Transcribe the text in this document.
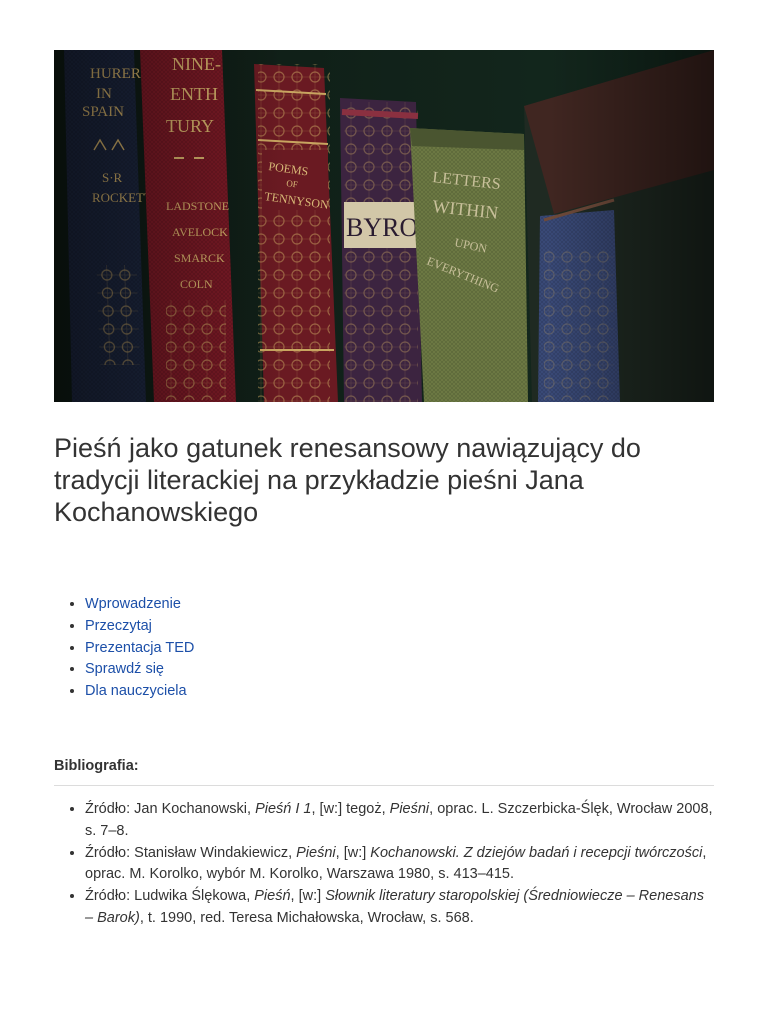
Pieśń jako gatunek renesansowy nawiązujący do tradycji literackiej na przykładzie pieśni Jana Kochanowskiego
• Wprowadzenie
• Przeczytaj
• Prezentacja TED
• Sprawdź się
• Dla nauczyciela
Bibliografia:
• Źródło: Jan Kochanowski, Pieśń I 1, [w:] tegoż, Pieśni, oprac. L. Szczerbicka-Ślęk, Wrocław 2008, s. 7–8.
• Źródło: Stanisław Windakiewicz, Pieśni, [w:] Kochanowski. Z dziejów badań i recepcji twórczości, oprac. M. Korolko, wybór M. Korolko, Warszawa 1980, s. 413–415.
• Źródło: Ludwika Ślękowa, Pieśń, [w:] Słownik literatury staropolskiej (Średniowiecze – Renesans – Barok), t. 1990, red. Teresa Michałowska, Wrocław, s. 568.
